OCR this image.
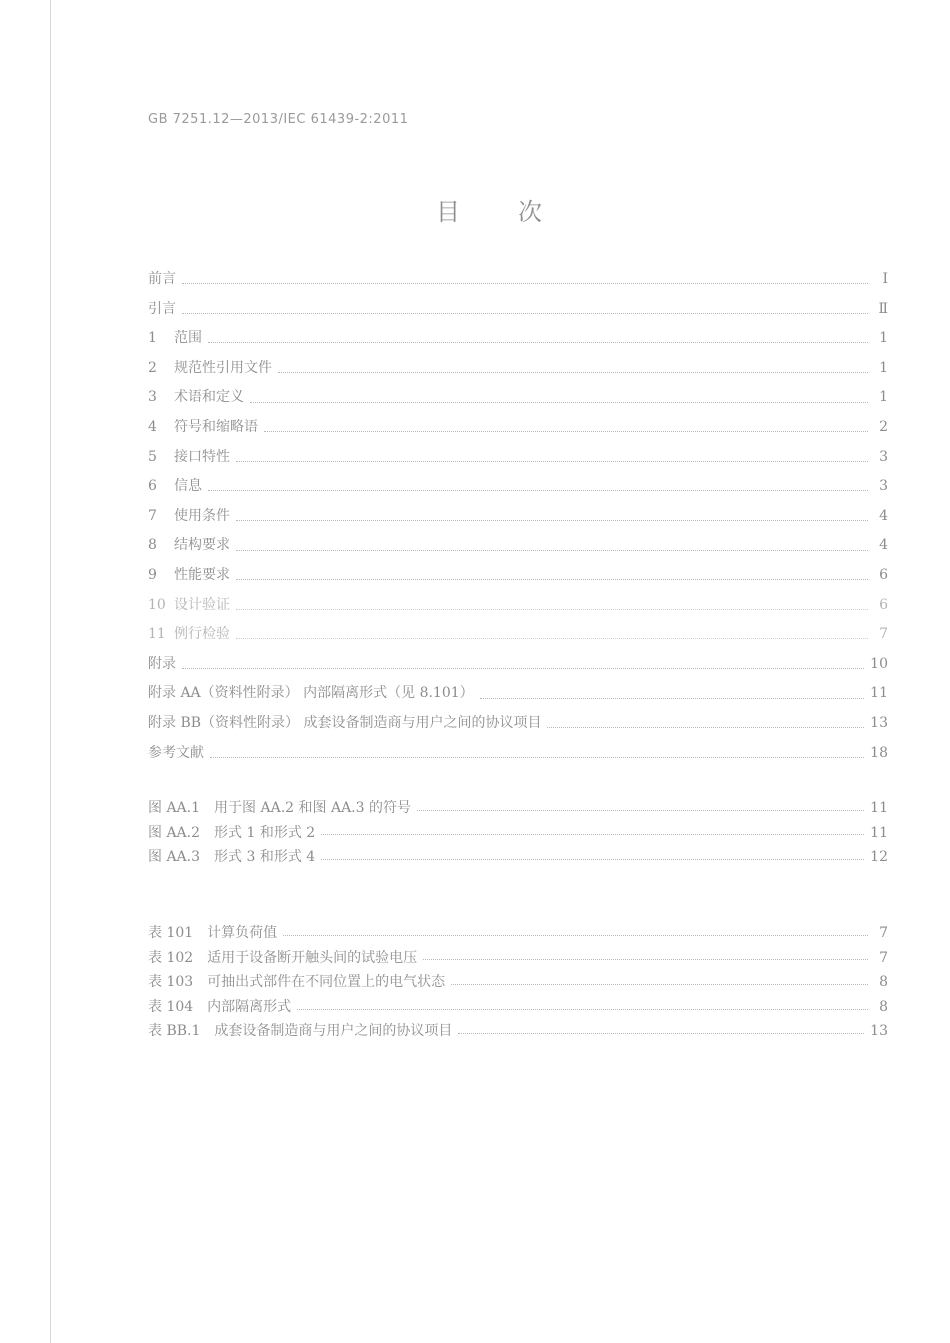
GB 7251.12—2013/IEC 61439-2:2011
目次
前言	Ⅰ
引言	Ⅱ
1	范围	1
2	规范性引用文件	1
3	术语和定义	1
4	符号和缩略语	2
5	接口特性	3
6	信息	3
7	使用条件	4
8	结构要求	4
9	性能要求	6
10 设计验证	6
11 例行检验	7
附录	10
附录 AA（资料性附录） 内部隔离形式（见 8.101）	11
附录 BB（资料性附录） 成套设备制造商与用户之间的协议项目	13
参考文献	18
图 AA.1　用于图 AA.2 和图 AA.3 的符号	11
图 AA.2　形式 1 和形式 2	11
图 AA.3　形式 3 和形式 4	12
表 101　计算负荷值	7
表 102　适用于设备断开触头间的试验电压	7
表 103　可抽出式部件在不同位置上的电气状态	8
表 104　内部隔离形式	8
表 BB.1　成套设备制造商与用户之间的协议项目	13
